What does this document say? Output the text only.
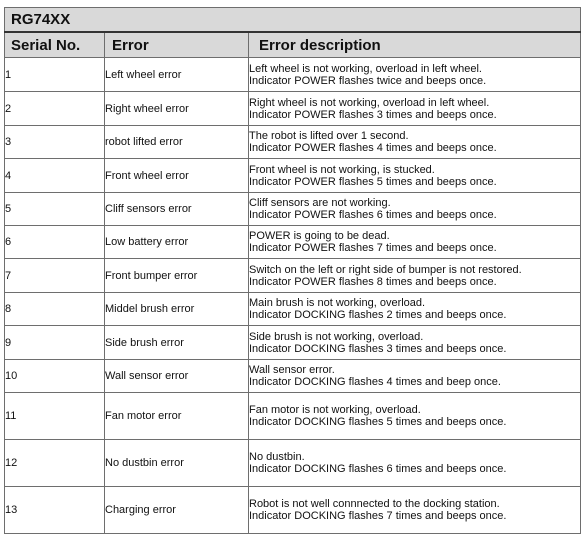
RG74XX		
Serial No.	Error	Error description
1	Left wheel error	Left wheel is not working, overload in left wheel.
Indicator POWER flashes twice and beeps once.

2	Right wheel error	Right wheel is not working, overload in left wheel.
Indicator POWER flashes 3 times and beeps once.

3	robot lifted error	The robot is lifted over 1 second.
Indicator POWER flashes 4 times and beeps once.

4	Front wheel error	Front wheel is not working, is stucked.
Indicator POWER flashes 5 times and beeps once.

5	Cliff sensors error	Cliff sensors are not working.
Indicator POWER flashes 6 times and beeps once.

6	Low battery error	POWER is going to be dead.
Indicator POWER flashes 7 times and beeps once.

7	Front bumper error	Switch on the left or right side of bumper is not restored.
Indicator POWER flashes 8 times and beeps once.

8	Middel brush error	Main brush is not working, overload.
Indicator DOCKING flashes 2 times and beeps once.

9	Side brush error	Side brush is not working, overload.
Indicator DOCKING flashes 3 times and beeps once.

10	Wall sensor error	Wall sensor error.
Indicator DOCKING flashes 4 times and beep once.

11	Fan motor error	Fan motor is not working, overload.
Indicator DOCKING flashes 5 times and beeps once.

12	No dustbin error	No dustbin.
Indicator DOCKING flashes 6 times and beeps once.

13	Charging error	Robot is not well connnected to the docking station.
Indicator DOCKING flashes 7 times and beeps once.
